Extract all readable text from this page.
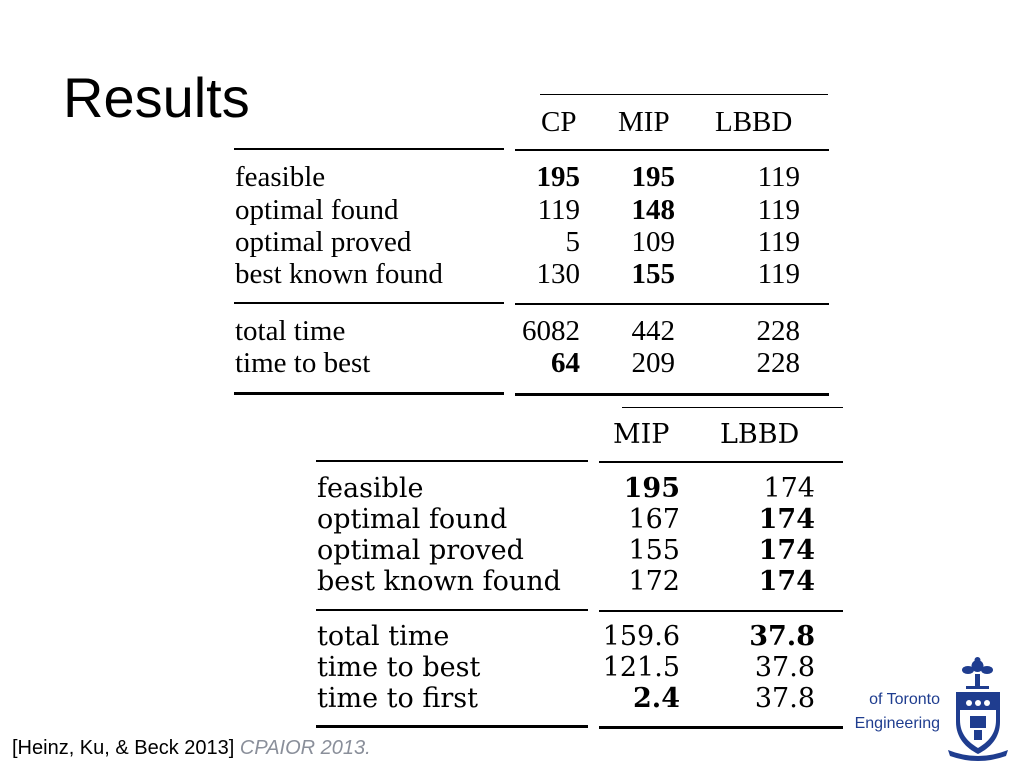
Results	CP MIP LBBD
feasible	195	195	119
optimal found	119	148	119
optimal proved	5	109	119
best known found	130	155	119
total time	6082	442	228
time to best	64	209	228
MIP LBBD
feasible	195	174
optimal found	167	174
optimal proved	155	174
best known found	172	174
total time	159.6	37.8
time to best	121.5	37.8
time to first	2.4	37.8
[Heinz, Ku, & Beck 2013] CPAIOR 2013.
of Toronto
Engineering
